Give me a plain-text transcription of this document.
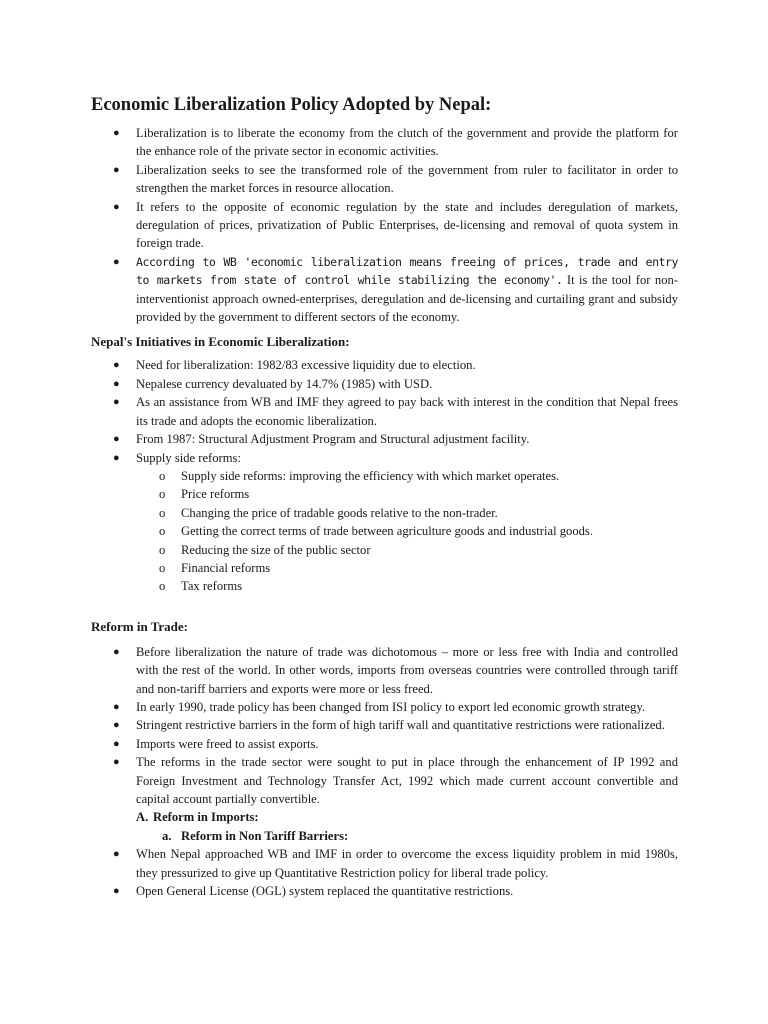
Economic Liberalization Policy Adopted by Nepal:
● Liberalization is to liberate the economy from the clutch of the government and provide the platform for the enhance role of the private sector in economic activities.
● Liberalization seeks to see the transformed role of the government from ruler to facilitator in order to strengthen the market forces in resource allocation.
● It refers to the opposite of economic regulation by the state and includes deregulation of markets, deregulation of prices, privatization of Public Enterprises, de-licensing and removal of quota system in foreign trade.
● According to WB 'economic liberalization means freeing of prices, trade and entry to markets from state of control while stabilizing the economy'. It is the tool for non-interventionist approach owned-enterprises, deregulation and de-licensing and curtailing grant and subsidy provided by the government to different sectors of the economy.
Nepal's Initiatives in Economic Liberalization:
● Need for liberalization: 1982/83 excessive liquidity due to election.
● Nepalese currency devaluated by 14.7% (1985) with USD.
● As an assistance from WB and IMF they agreed to pay back with interest in the condition that Nepal frees its trade and adopts the economic liberalization.
● From 1987: Structural Adjustment Program and Structural adjustment facility.
● Supply side reforms:
o Supply side reforms: improving the efficiency with which market operates.
o Price reforms
o Changing the price of tradable goods relative to the non-trader.
o Getting the correct terms of trade between agriculture goods and industrial goods.
o Reducing the size of the public sector
o Financial reforms
o Tax reforms
Reform in Trade:
● Before liberalization the nature of trade was dichotomous – more or less free with India and controlled with the rest of the world. In other words, imports from overseas countries were controlled through tariff and non-tariff barriers and exports were more or less freed.
● In early 1990, trade policy has been changed from ISI policy to export led economic growth strategy.
● Stringent restrictive barriers in the form of high tariff wall and quantitative restrictions were rationalized.
● Imports were freed to assist exports.
● The reforms in the trade sector were sought to put in place through the enhancement of IP 1992 and Foreign Investment and Technology Transfer Act, 1992 which made current account convertible and capital account partially convertible.
A. Reform in Imports:
a. Reform in Non Tariff Barriers:
● When Nepal approached WB and IMF in order to overcome the excess liquidity problem in mid 1980s, they pressurized to give up Quantitative Restriction policy for liberal trade policy.
● Open General License (OGL) system replaced the quantitative restrictions.
